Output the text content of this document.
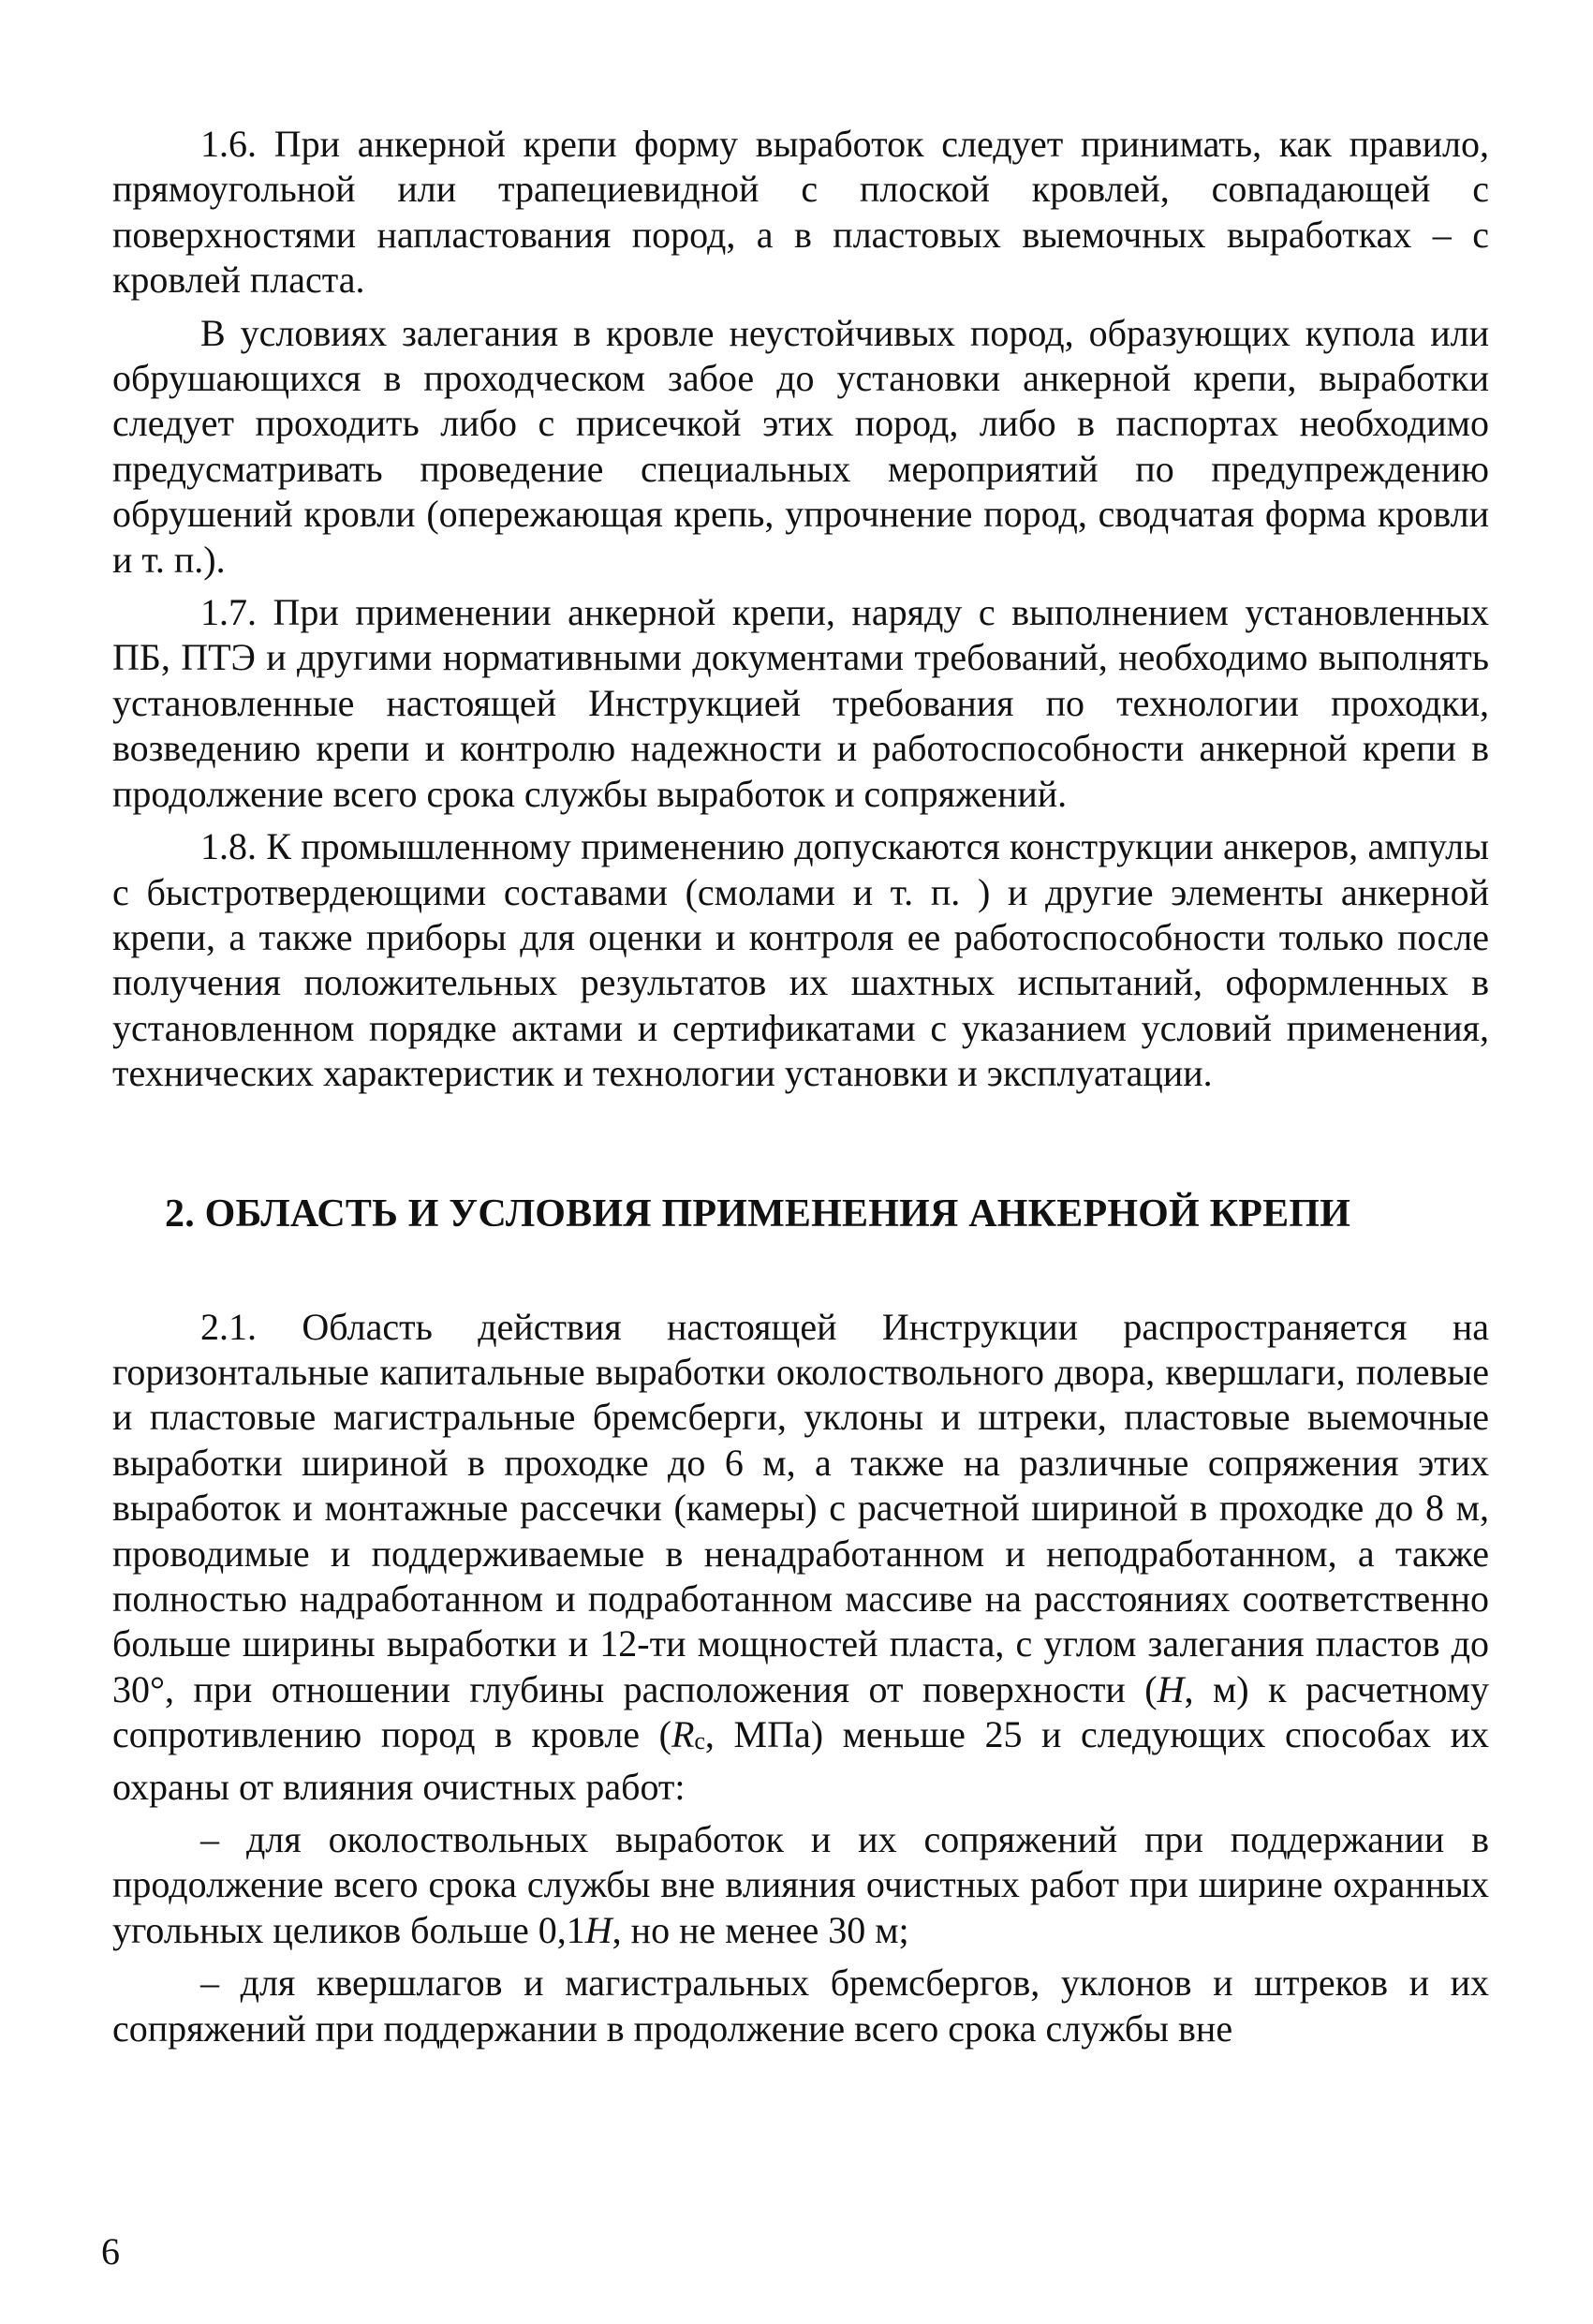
1.6. При анкерной крепи форму выработок следует принимать, как правило, прямоугольной или трапециевидной с плоской кровлей, совпадающей с поверхностями напластования пород, а в пластовых выемочных выработках – с кровлей пласта.

В условиях залегания в кровле неустойчивых пород, образующих купола или обрушающихся в проходческом забое до установки анкерной крепи, выработки следует проходить либо с присечкой этих пород, либо в паспортах необходимо предусматривать проведение специальных мероприятий по предупреждению обрушений кровли (опережающая крепь, упрочнение пород, сводчатая форма кровли и т. п.).

1.7. При применении анкерной крепи, наряду с выполнением установленных ПБ, ПТЭ и другими нормативными документами требований, необходимо выполнять установленные настоящей Инструкцией требования по технологии проходки, возведению крепи и контролю надежности и работоспособности анкерной крепи в продолжение всего срока службы выработок и сопряжений.

1.8. К промышленному применению допускаются конструкции анкеров, ампулы с быстротвердеющими составами (смолами и т. п. ) и другие элементы анкерной крепи, а также приборы для оценки и контроля ее работоспособности только после получения положительных результатов их шахтных испытаний, оформленных в установленном порядке актами и сертификатами с указанием условий применения, технических характеристик и технологии установки и эксплуатации.

2. ОБЛАСТЬ И УСЛОВИЯ ПРИМЕНЕНИЯ АНКЕРНОЙ КРЕПИ

2.1. Область действия настоящей Инструкции распространяется на горизонтальные капитальные выработки околоствольного двора, квершлаги, полевые и пластовые магистральные бремсберги, уклоны и штреки, пластовые выемочные выработки шириной в проходке до 6 м, а также на различные сопряжения этих выработок и монтажные рассечки (камеры) с расчетной шириной в проходке до 8 м, проводимые и поддерживаемые в ненадработанном и неподработанном, а также полностью надработанном и подработанном массиве на расстояниях соответственно больше ширины выработки и 12-ти мощностей пласта, с углом залегания пластов до 30°, при отношении глубины расположения от поверхности (H, м) к расчетному сопротивлению пород в кровле (Rc, МПа) меньше 25 и следующих способах их охраны от влияния очистных работ:

– для околоствольных выработок и их сопряжений при поддержании в продолжение всего срока службы вне влияния очистных работ при ширине охранных угольных целиков больше 0,1H, но не менее 30 м;

– для квершлагов и магистральных бремсбергов, уклонов и штреков и их сопряжений при поддержании в продолжение всего срока службы вне

6
